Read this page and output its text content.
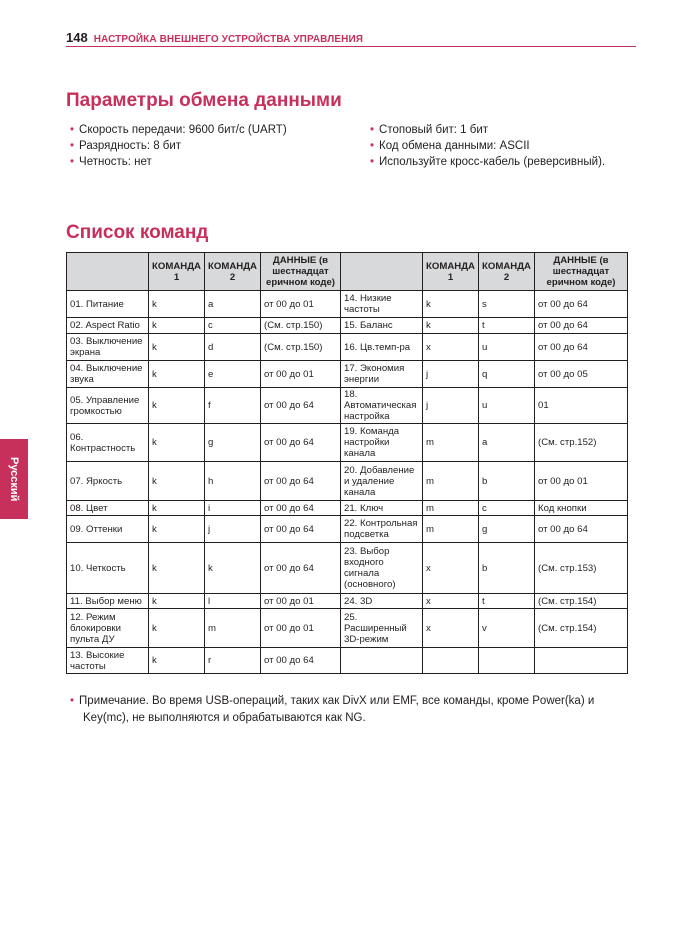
148 НАСТРОЙКА ВНЕШНЕГО УСТРОЙСТВА УПРАВЛЕНИЯ
Русский
Параметры обмена данными
• Скорость передачи: 9600 бит/с (UART)
• Разрядность: 8 бит
• Четность: нет
• Стоповый бит: 1 бит
• Код обмена данными: ASCII
• Используйте кросс-кабель (реверсивный).
Список команд
	КОМАНДА 1	КОМАНДА 2	ДАННЫЕ (в шестнадцат еричном коде)		КОМАНДА 1	КОМАНДА 2	ДАННЫЕ (в шестнадцат еричном коде)
01. Питание	k	a	от 00 до 01	14. Низкие частоты	k	s	от 00 до 64
02. Aspect Ratio	k	c	(См. стр.150)	15. Баланс	k	t	от 00 до 64
03. Выключение экрана	k	d	(См. стр.150)	16. Цв.темп-ра	x	u	от 00 до 64
04. Выключение звука	k	e	от 00 до 01	17. Экономия энергии	j	q	от 00 до 05
05. Управление громкостью	k	f	от 00 до 64	18. Автоматическая настройка	j	u	01
06. Контрастность	k	g	от 00 до 64	19. Команда настройки канала	m	a	(См. стр.152)
07. Яркость	k	h	от 00 до 64	20. Добавление и удаление канала	m	b	от 00 до 01
08. Цвет	k	i	от 00 до 64	21. Ключ	m	c	Код кнопки
09. Оттенки	k	j	от 00 до 64	22. Контрольная подсветка	m	g	от 00 до 64
10. Четкость	k	k	от 00 до 64	23. Выбор входного сигнала (основного)	x	b	(См. стр.153)
11. Выбор меню	k	l	от 00 до 01	24. 3D	x	t	(См. стр.154)
12. Режим блокировки пульта ДУ	k	m	от 00 до 01	25. Расширенный 3D-режим	x	v	(См. стр.154)
13. Высокие частоты	k	r	от 00 до 64				
• Примечание. Во время USB-операций, таких как DivX или EMF, все команды, кроме Power(ka) и
Key(mc), не выполняются и обрабатываются как NG.
